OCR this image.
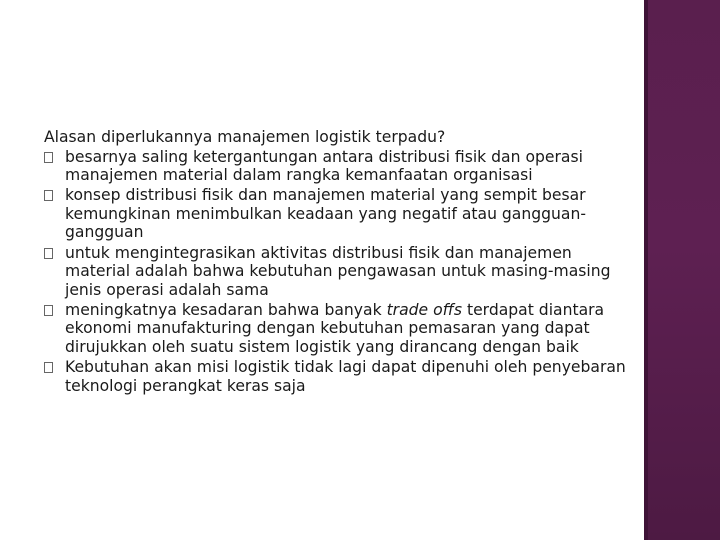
Alasan diperlukannya manajemen logistik terpadu?
besarnya saling ketergantungan antara distribusi fisik dan operasi manajemen material dalam rangka kemanfaatan organisasi
konsep distribusi fisik dan manajemen material yang sempit besar kemungkinan menimbulkan keadaan yang negatif atau gangguan-gangguan
untuk mengintegrasikan aktivitas distribusi fisik dan manajemen material adalah bahwa kebutuhan pengawasan untuk masing-masing jenis operasi adalah sama
meningkatnya kesadaran bahwa banyak trade offs terdapat diantara ekonomi manufakturing dengan kebutuhan pemasaran yang dapat dirujukkan oleh suatu sistem logistik yang dirancang dengan baik
Kebutuhan akan misi logistik tidak lagi dapat dipenuhi oleh penyebaran teknologi perangkat keras saja
